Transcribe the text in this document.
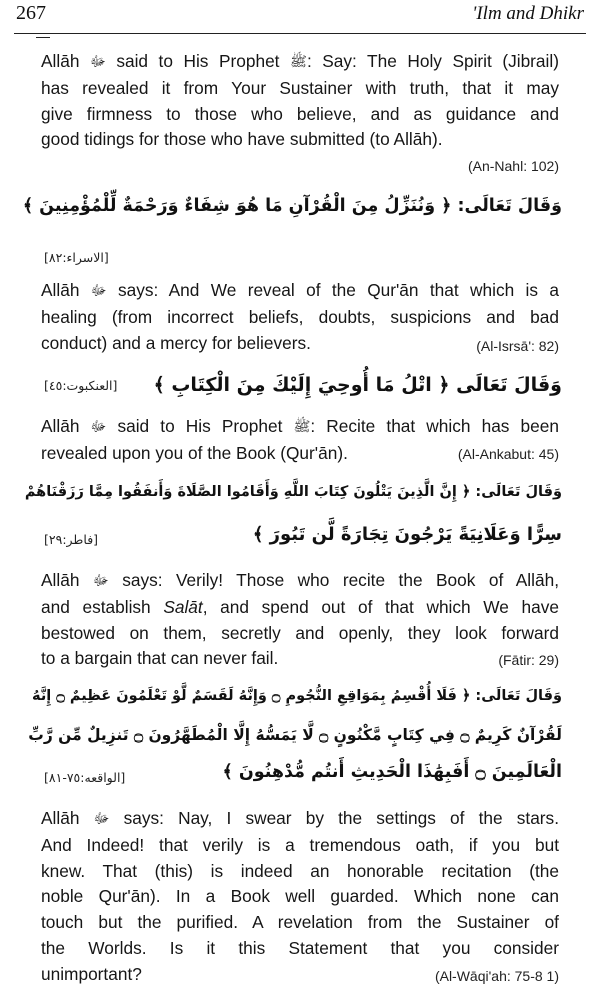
267	'Ilm and Dhikr

Allāh ﷻ said to His Prophet ﷺ: Say: The Holy Spirit (Jibrail)
has revealed it from Your Sustainer with truth, that it may
give firmness to those who believe, and as guidance and
good tidings for those who have submitted (to Allāh).

(An-Nahl: 102)
وَقَالَ تَعَالَى: ﴿ وَنُنَزِّلُ مِنَ الْقُرْآنِ مَا هُوَ شِفَاءٌ وَرَحْمَةٌ لِّلْمُؤْمِنِينَ ﴾
[الاسراء:٨٢]

Allāh ﷻ says: And We reveal of the Qur'ān that which is a
healing (from incorrect beliefs, doubts, suspicions and bad
conduct) and a mercy for believers.	(Al-Isrsā': 82)
وَقَالَ تَعَالَى ﴿ اتْلُ مَا أُوحِيَ إِلَيْكَ مِنَ الْكِتَابِ ﴾
[العنكبوت:٤٥]

Allāh ﷻ said to His Prophet ﷺ: Recite that which has been
revealed upon you of the Book (Qur'ān).	(Al-Ankabut: 45)
وَقَالَ تَعَالَى: ﴿ إِنَّ الَّذِينَ يَتْلُونَ كِتَابَ اللَّهِ وَأَقَامُوا الصَّلَاةَ وَأَنفَقُوا مِمَّا رَزَقْنَاهُمْ
سِرًّا وَعَلَانِيَةً يَرْجُونَ تِجَارَةً لَّن تَبُورَ ﴾
[فاطر:٢٩]

Allāh ﷻ says: Verily! Those who recite the Book of Allāh,
and establish Salāt, and spend out of that which We have
bestowed on them, secretly and openly, they look forward
to a bargain that can never fail.	(Fātir: 29)
وَقَالَ تَعَالَى: ﴿ فَلَا أُقْسِمُ بِمَوَاقِعِ النُّجُومِ ۝ وَإِنَّهُ لَقَسَمٌ لَّوْ تَعْلَمُونَ عَظِيمٌ ۝ إِنَّهُ
لَقُرْآنٌ كَرِيمٌ ۝ فِي كِتَابٍ مَّكْنُونٍ ۝ لَّا يَمَسُّهُ إِلَّا الْمُطَهَّرُونَ ۝ تَنزِيلٌ مِّن رَّبِّ
الْعَالَمِينَ ۝ أَفَبِهَٰذَا الْحَدِيثِ أَنتُم مُّدْهِنُونَ ﴾
[الواقعه:٧٥-٨١]

Allāh ﷻ says: Nay, I swear by the settings of the stars.
And Indeed! that verily is a tremendous oath, if you but
knew. That (this) is indeed an honorable recitation (the
noble Qur'ān). In a Book well guarded. Which none can
touch but the purified. A revelation from the Sustainer of
the Worlds. Is it this Statement that you consider
unimportant?	(Al-Wāqi'ah: 75-8 1)
